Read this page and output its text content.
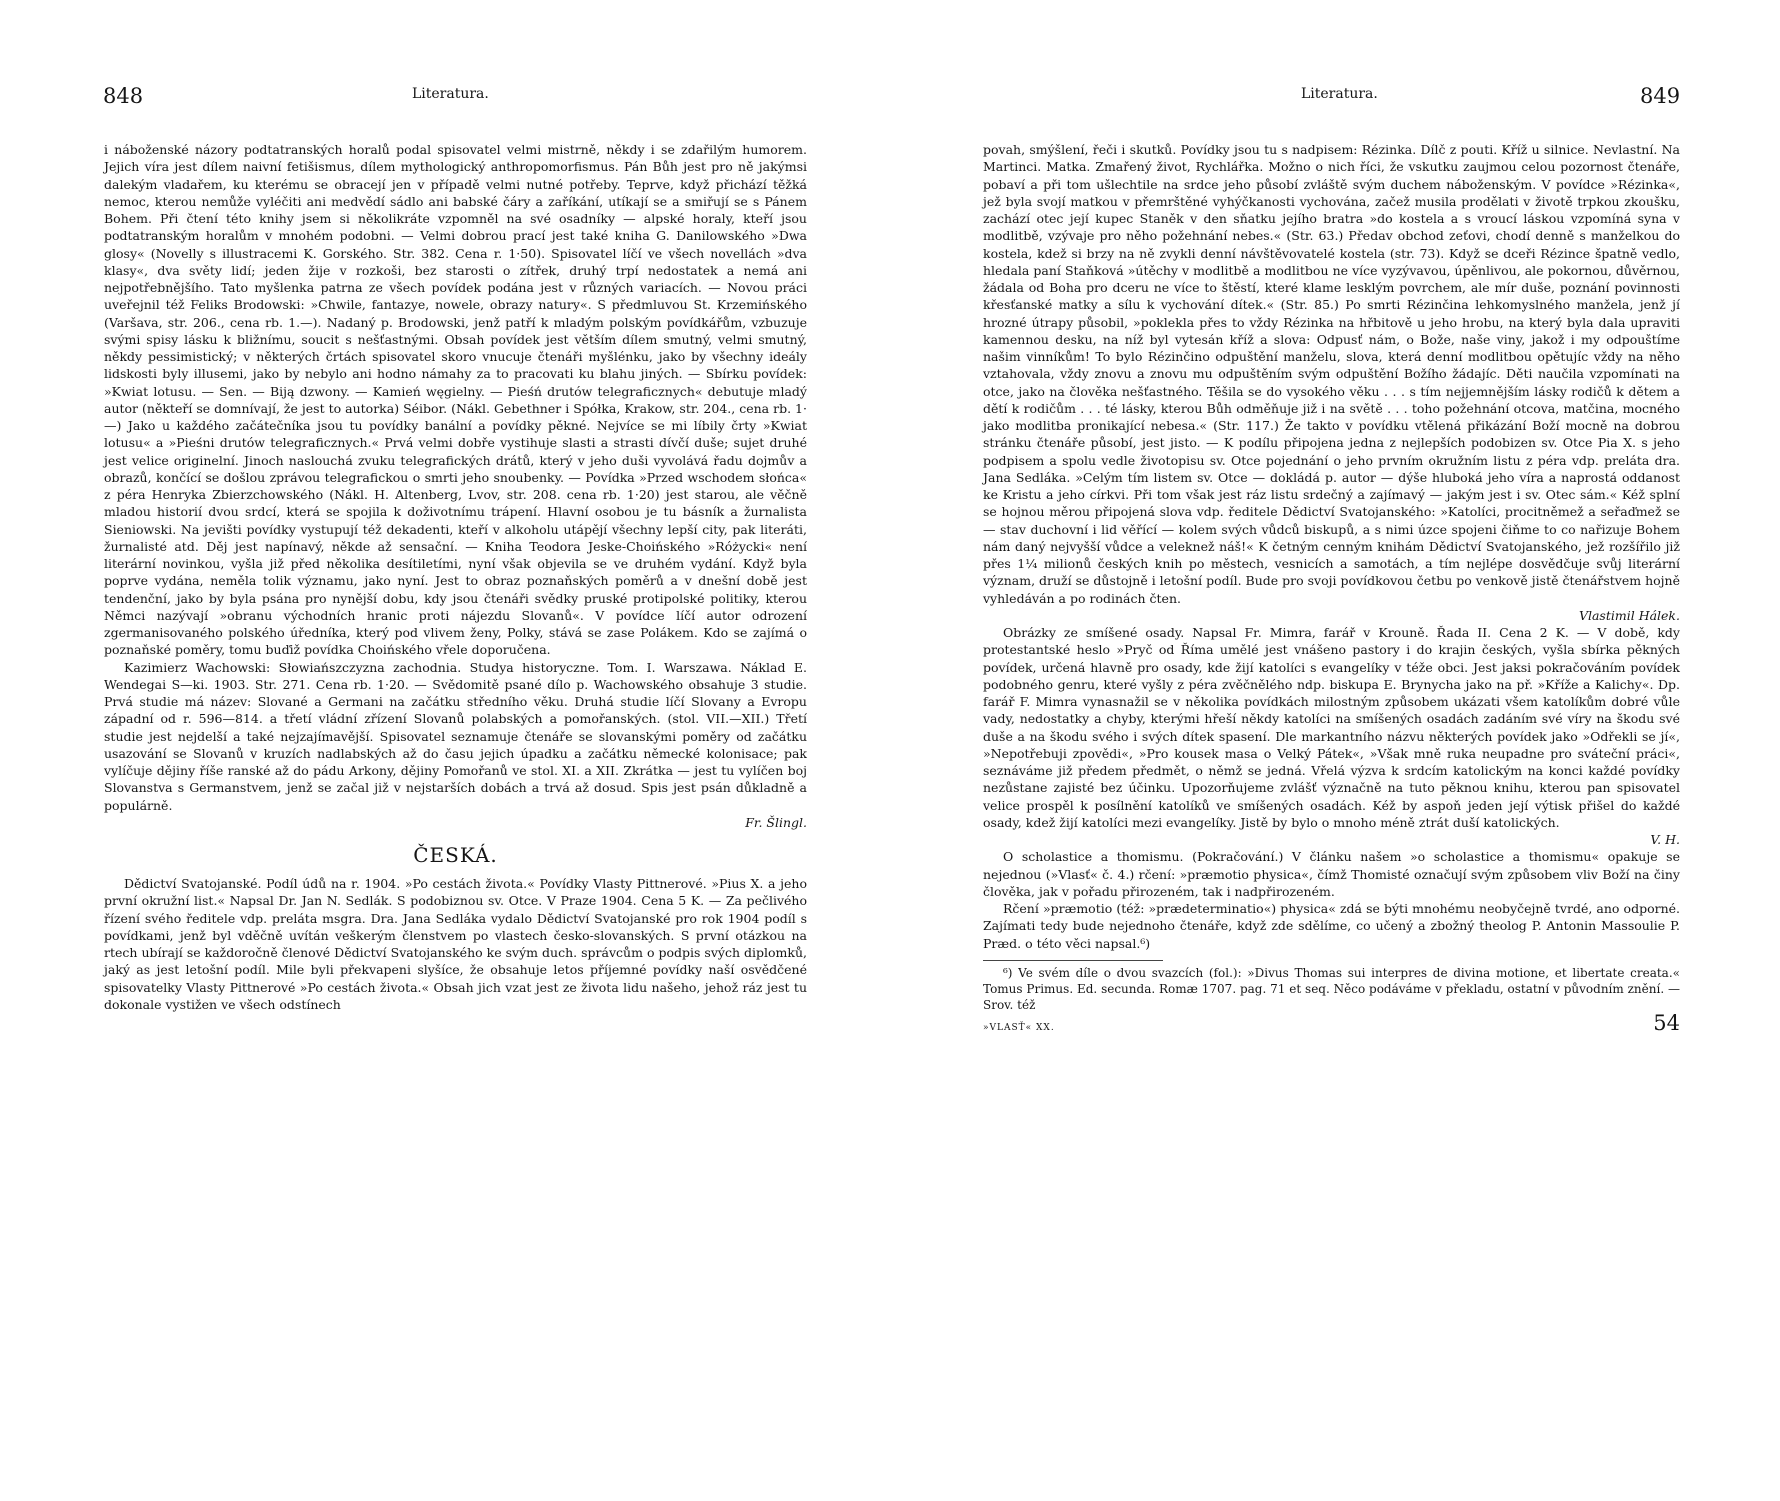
848	Literatura.

i náboženské názory podtatranských horalů podal spisovatel velmi mistrně, někdy i se zdařilým humorem. Jejich víra jest dílem naivní fetišismus, dílem mythologický anthropomorfismus. Pán Bůh jest pro ně jakýmsi dalekým vladařem, ku kterému se obracejí jen v případě velmi nutné potřeby. Teprve, když přichází těžká nemoc, kterou nemůže vyléčiti ani medvědí sádlo ani babské čáry a zaříkání, utíkají se a smiřují se s Pánem Bohem. Při čtení této knihy jsem si několikráte vzpomněl na své osadníky — alpské horaly, kteří jsou podtatranským horalům v mnohém podobni. — Velmi dobrou prací jest také kniha G. Danilowského »Dwa glosy« (Novelly s illustracemi K. Gorského. Str. 382. Cena r. 1·50). Spisovatel líčí ve všech novellách »dva klasy«, dva světy lidí; jeden žije v rozkoši, bez starosti o zítřek, druhý trpí nedostatek a nemá ani nejpotřebnějšího. Tato myšlenka patrna ze všech povídek podána jest v různých variacích. — Novou práci uveřejnil též Feliks Brodowski: »Chwile, fantazye, nowele, obrazy natury«. S předmluvou St. Krzemińského (Varšava, str. 206., cena rb. 1.—). Nadaný p. Brodowski, jenž patří k mladým polským povídkářům, vzbuzuje svými spisy lásku k bližnímu, soucit s nešťastnými. Obsah povídek jest větším dílem smutný, velmi smutný, někdy pessimistický; v některých črtách spisovatel skoro vnucuje čtenáři myšlénku, jako by všechny ideály lidskosti byly illusemi, jako by nebylo ani hodno námahy za to pracovati ku blahu jiných. — Sbírku povídek: »Kwiat lotusu. — Sen. — Biją dzwony. — Kamień węgielny. — Pieśń drutów telegraficznych« debutuje mladý autor (někteří se domnívají, že jest to autorka) Séibor. (Nákl. Gebethner i Spółka, Krakow, str. 204., cena rb. 1·—) Jako u každého začátečníka jsou tu povídky banální a povídky pěkné. Nejvíce se mi líbily črty »Kwiat lotusu« a »Pieśni drutów telegraficznych.« Prvá velmi dobře vystihuje slasti a strasti dívčí duše; sujet druhé jest velice originelní. Jinoch naslouchá zvuku telegrafických drátů, který v jeho duši vyvolává řadu dojmův a obrazů, končící se došlou zprávou telegrafickou o smrti jeho snoubenky. — Povídka »Przed wschodem słońca« z péra Henryka Zbierzchowského (Nákl. H. Altenberg, Lvov, str. 208. cena rb. 1·20) jest starou, ale věčně mladou historií dvou srdcí, která se spojila k doživotnímu trápení. Hlavní osobou je tu básník a žurnalista Sieniowski. Na jevišti povídky vystupují též dekadenti, kteří v alkoholu utápějí všechny lepší city, pak literáti, žurnalisté atd. Děj jest napínavý, někde až sensační. — Kniha Teodora Jeske-Choińského »Różycki« není literární novinkou, vyšla již před několika desítiletími, nyní však objevila se ve druhém vydání. Když byla poprve vydána, neměla tolik významu, jako nyní. Jest to obraz poznaňských poměrů a v dnešní době jest tendenční, jako by byla psána pro nynější dobu, kdy jsou čtenáři svědky pruské protipolské politiky, kterou Němci nazývají »obranu východních hranic proti nájezdu Slovanů«. V povídce líčí autor odrození zgermanisovaného polského úředníka, který pod vlivem ženy, Polky, stává se zase Polákem. Kdo se zajímá o poznaňské poměry, tomu buďiž povídka Choińského vřele doporučena.

Kazimierz Wachowski: Słowiańszczyzna zachodnia. Studya historyczne. Tom. I. Warszawa. Náklad E. Wendegai S—ki. 1903. Str. 271. Cena rb. 1·20. — Svědomitě psané dílo p. Wachowského obsahuje 3 studie. Prvá studie má název: Slované a Germani na začátku středního věku. Druhá studie líčí Slovany a Evropu západní od r. 596—814. a třetí vládní zřízení Slovanů polabských a pomořanských. (stol. VII.—XII.) Třetí studie jest nejdelší a také nejzajímavější. Spisovatel seznamuje čtenáře se slovanskými poměry od začátku usazování se Slovanů v kruzích nadlabských až do času jejich úpadku a začátku německé kolonisace; pak vylíčuje dějiny říše ranské až do pádu Arkony, dějiny Pomořanů ve stol. XI. a XII. Zkrátka — jest tu vylíčen boj Slovanstva s Germanstvem, jenž se začal již v nejstarších dobách a trvá až dosud. Spis jest psán důkladně a populárně.

Fr. Šlingl.

ČESKÁ.

Dědictví Svatojanské. Podíl údů na r. 1904. »Po cestách života.« Povídky Vlasty Pittnerové. »Pius X. a jeho první okružní list.« Napsal Dr. Jan N. Sedlák. S podobiznou sv. Otce. V Praze 1904. Cena 5 K. — Za pečlivého řízení svého ředitele vdp. preláta msgra. Dra. Jana Sedláka vydalo Dědictví Svatojanské pro rok 1904 podíl s povídkami, jenž byl vděčně uvítán veškerým členstvem po vlastech česko-slovanských. S první otázkou na rtech ubírají se každoročně členové Dědictví Svatojanského ke svým duch. správcům o podpis svých diplomků, jaký as jest letošní podíl. Mile byli překvapeni slyšíce, že obsahuje letos příjemné povídky naší osvědčené spisovatelky Vlasty Pittnerové »Po cestách života.« Obsah jich vzat jest ze života lidu našeho, jehož ráz jest tu dokonale vystižen ve všech odstínech

Literatura.	849

povah, smýšlení, řeči i skutků. Povídky jsou tu s nadpisem: Rézinka. Dílč z pouti. Kříž u silnice. Nevlastní. Na Martinci. Matka. Zmařený život, Rychlářka. Možno o nich říci, že vskutku zaujmou celou pozornost čtenáře, pobaví a při tom ušlechtile na srdce jeho působí zvláště svým duchem náboženským. V povídce »Rézinka«, jež byla svojí matkou v přemrštěné vyhýčkanosti vychována, začež musila prodělati v životě trpkou zkoušku, zachází otec její kupec Staněk v den sňatku jejího bratra »do kostela a s vroucí láskou vzpomíná syna v modlitbě, vzývaje pro něho požehnání nebes.« (Str. 63.) Předav obchod zeťovi, chodí denně s manželkou do kostela, kdež si brzy na ně zvykli denní návštěvovatelé kostela (str. 73). Když se dceři Rézince špatně vedlo, hledala paní Staňková »útěchy v modlitbě a modlitbou ne více vyzývavou, úpěnlivou, ale pokornou, důvěrnou, žádala od Boha pro dceru ne více to štěstí, které klame lesklým povrchem, ale mír duše, poznání povinnosti křesťanské matky a sílu k vychování dítek.« (Str. 85.) Po smrti Rézinčina lehkomyslného manžela, jenž jí hrozné útrapy působil, »poklekla přes to vždy Rézinka na hřbitově u jeho hrobu, na který byla dala upraviti kamennou desku, na níž byl vytesán kříž a slova: Odpusť nám, o Bože, naše viny, jakož i my odpouštíme našim vinníkům! To bylo Rézinčino odpuštění manželu, slova, která denní modlitbou opětujíc vždy na něho vztahovala, vždy znovu a znovu mu odpuštěním svým odpuštění Božího žádajíc. Děti naučila vzpomínati na otce, jako na člověka nešťastného. Těšila se do vysokého věku . . . s tím nejjemnějším lásky rodičů k dětem a dětí k rodičům . . . té lásky, kterou Bůh odměňuje již i na světě . . . toho požehnání otcova, matčina, mocného jako modlitba pronikající nebesa.« (Str. 117.) Že takto v povídku vtělená přikázání Boží mocně na dobrou stránku čtenáře působí, jest jisto. — K podílu připojena jedna z nejlepších podobizen sv. Otce Pia X. s jeho podpisem a spolu vedle životopisu sv. Otce pojednání o jeho prvním okružním listu z péra vdp. preláta dra. Jana Sedláka. »Celým tím listem sv. Otce — dokládá p. autor — dýše hluboká jeho víra a naprostá oddanost ke Kristu a jeho církvi. Při tom však jest ráz listu srdečný a zajímavý — jakým jest i sv. Otec sám.« Kéž splní se hojnou měrou připojená slova vdp. ředitele Dědictví Svatojanského: »Katolíci, procitněmež a seřaďmež se — stav duchovní i lid věřící — kolem svých vůdců biskupů, a s nimi úzce spojeni čiňme to co nařizuje Bohem nám daný nejvyšší vůdce a veleknež náš!« K četným cenným knihám Dědictví Svatojanského, jež rozšířilo již přes 1¼ milionů českých knih po městech, vesnicích a samotách, a tím nejlépe dosvědčuje svůj literární význam, druží se důstojně i letošní podíl. Bude pro svoji povídkovou četbu po venkově jistě čtenářstvem hojně vyhledáván a po rodinách čten.

Vlastimil Hálek.

Obrázky ze smíšené osady. Napsal Fr. Mimra, farář v Krouně. Řada II. Cena 2 K. — V době, kdy protestantské heslo »Pryč od Říma umělé jest vnášeno pastory i do krajin českých, vyšla sbírka pěkných povídek, určená hlavně pro osady, kde žijí katolíci s evangelíky v téže obci. Jest jaksi pokračováním povídek podobného genru, které vyšly z péra zvěčnělého ndp. biskupa E. Brynycha jako na př. »Kříže a Kalichy«. Dp. farář F. Mimra vynasnažil se v několika povídkách milostným způsobem ukázati všem katolíkům dobré vůle vady, nedostatky a chyby, kterými hřeší někdy katolíci na smíšených osadách zadáním své víry na škodu své duše a na škodu svého i svých dítek spasení. Dle markantního názvu některých povídek jako »Odřekli se jí«, »Nepotřebuji zpovědi«, »Pro kousek masa o Velký Pátek«, »Však mně ruka neupadne pro sváteční práci«, seznáváme již předem předmět, o němž se jedná. Vřelá výzva k srdcím katolickým na konci každé povídky nezůstane zajisté bez účinku. Upozorňujeme zvlášť význačně na tuto pěknou knihu, kterou pan spisovatel velice prospěl k posílnění katolíků ve smíšených osadách. Kéž by aspoň jeden její výtisk přišel do každé osady, kdež žijí katolíci mezi evangelíky. Jistě by bylo o mnoho méně ztrát duší katolických.

V. H.

O scholastice a thomismu. (Pokračování.) V článku našem »o scholastice a thomismu« opakuje se nejednou (»Vlasť« č. 4.) rčení: »præmotio physica«, čímž Thomisté označují svým způsobem vliv Boží na činy člověka, jak v pořadu přirozeném, tak i nadpřirozeném.

Rčení »præmotio (též: »prædeterminatio«) physica« zdá se býti mnohému neobyčejně tvrdé, ano odporné. Zajímati tedy bude nejednoho čtenáře, když zde sdělíme, co učený a zbožný theolog P. Antonin Massoulie P. Præd. o této věci napsal.⁶)

⁶) Ve svém díle o dvou svazcích (fol.): »Divus Thomas sui interpres de divina motione, et libertate creata.« Tomus Primus. Ed. secunda. Romæ 1707. pag. 71 et seq. Něco podáváme v překladu, ostatní v původním znění. — Srov. též

»VLASŤ« XX.	54
